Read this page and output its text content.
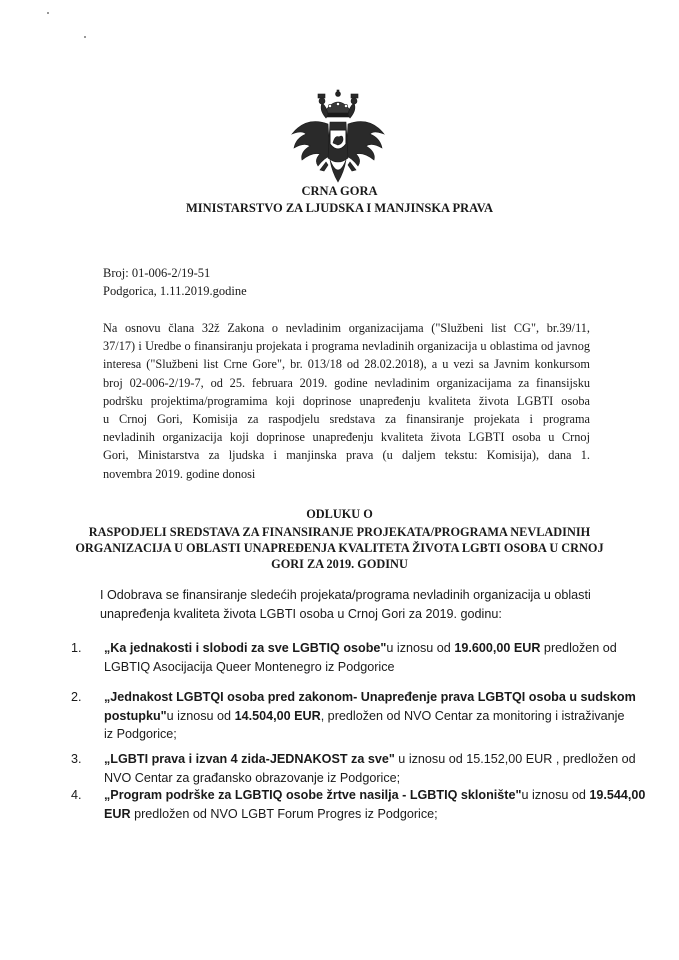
CRNA GORA
MINISTARSTVO ZA LJUDSKA I MANJINSKA PRAVA
Broj: 01-006-2/19-51
Podgorica, 1.11.2019.godine
Na osnovu člana 32ž Zakona o nevladinim organizacijama ("Službeni list CG", br.39/11,
37/17) i Uredbe o finansiranju projekata i programa nevladinih organizacija u oblastima od javnog
interesa ("Službeni list Crne Gore", br. 013/18 od 28.02.2018), a u vezi sa Javnim konkursom
broj 02-006-2/19-7, od 25. februara 2019. godine nevladinim organizacijama za finansijsku
podršku projektima/programima koji doprinose unapređenju kvaliteta života LGBTI osoba
u Crnoj Gori, Komisija za raspodjelu sredstava za finansiranje projekata i programa
nevladinih organizacija koji doprinose unapređenju kvaliteta života LGBTI osoba u Crnoj
Gori, Ministarstva za ljudska i manjinska prava (u daljem tekstu: Komisija), dana 1.
novembra 2019. godine donosi
ODLUKU O
RASPODJELI SREDSTAVA ZA FINANSIRANJE PROJEKATA/PROGRAMA NEVLADINIH
ORGANIZACIJA U OBLASTI UNAPREĐENJA KVALITETA ŽIVOTA LGBTI OSOBA U CRNOJ
GORI ZA 2019. GODINU
I Odobrava se finansiranje sledećih projekata/programa nevladinih organizacija u oblasti
unapređenja kvaliteta života LGBTI osoba u Crnoj Gori za 2019. godinu:
1. „Ka jednakosti i slobodi za sve LGBTIQ osobe"u iznosu od 19.600,00 EUR predložen od
LGBTIQ Asocijacija Queer Montenegro iz Podgorice
2. „Jednakost LGBTQI osoba pred zakonom- Unapređenje prava LGBTQI osoba u sudskom
postupku"u iznosu od 14.504,00 EUR, predložen od NVO Centar za monitoring i istraživanje
iz Podgorice;
3. „LGBTI prava i izvan 4 zida-JEDNAKOST za sve" u iznosu od 15.152,00 EUR , predložen od
NVO Centar za građansko obrazovanje iz Podgorice;
4. „Program podrške za LGBTIQ osobe žrtve nasilja - LGBTIQ sklonište"u iznosu od 19.544,00
EUR predložen od NVO LGBT Forum Progres iz Podgorice;
